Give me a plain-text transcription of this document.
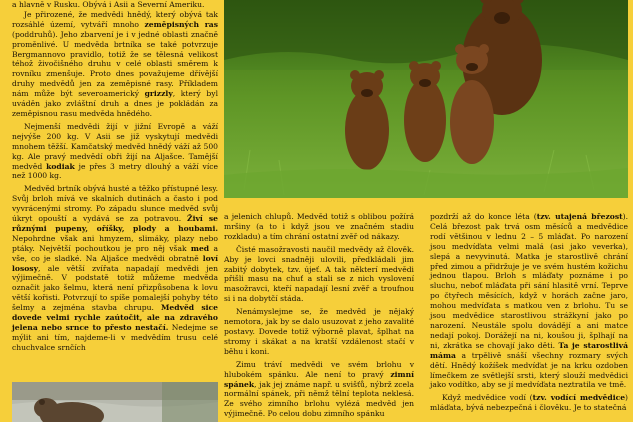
a hlavně v Rusku. Obývá i Asii a Severní Ameriku.

Je přirozené, že medvědi hnědý, který obývá tak rozsáhlé území, vytváří mnoho zeměpisných ras (poddruhů). Jeho zbarvení je i v jedné oblasti značně proměnlivé. U medvěda brtníka se také potvrzuje Bergmannovo pravidlo, totiž že se tělesná velikost téhož živočišného druhu v celé oblasti směrem k rovníku zmenšuje. Proto dnes považujeme dřívější druhy medvědů jen za zeměpisné rasy. Příkladem nám může být severoamerický grizzly, který byl uváděn jako zvláštní druh a dnes je pokládán za zeměpisnou rasu medvěda hnědého.

Nejmenší medvědi žijí v jižní Evropě a váží nejvýše 200 kg. V Asii se již vyskytují medvědi mnohem těžší. Kamčatský medvěd hnědý váží až 500 kg. Ale pravý medvědí obři žijí na Aljašce. Tamější medvěd kodiak je přes 3 metry dlouhý a váží více než 1000 kg.

Medvěd brtník obývá husté a těžko přístupné lesy. Svůj brloh mívá ve skalních dutinách a často i pod vyvrácenými stromy. Po západu slunce medvěd svůj úkryt opouští a vydává se za potravou. Živí se různými pupeny, oříšky, plody a houbami. Nepohrdne však ani hmyzem, slimáky, plazy nebo ptáky. Největší pochoutkou je pro něj však med a vše, co je sladké. Na Aljašce medvědi obratně loví lososy, ale větší zvířata napadají medvědi jen výjimečně. V podstatě totiž můžeme medvěda označit jako šelmu, která není přizpůsobena k lovu větší kořisti. Potvrzují to spíše pomalejší pohyby této šelmy a zejména stavba chrupu. Medvěd sice dovede velmi rychle zaútočit, ale na zdravého jelena nebo srnce to přesto nestačí. Nedejme se mýlit ani tím, najdeme-li v medvědím trusu celé chuchvalce srnčích

a jelenich chlupů. Medvěd totiž s oblibou požírá mršiny (a to i když jsou ve značném stadiu rozkladu) a tím chrání ostatní zvěř od nákazy.

Čisté masožravosti naučil medvědy až člověk. Aby je lovci snadněji ulovili, předkládali jim zabitý dobytek, tzv. újeť. A tak některí medvědi přišli masu na chuť a stali se z nich vyslovení masožravci, kteří napadají lesní zvěř a troufnou si i na dobytčí stáda.

Nenámyslejme se, že medvěd je nějaký nemotora, jak by se dalo usuzovat z jeho zavalité postavy. Dovede totiž výborně plavat, šplhat na stromy i skákat a na kratší vzdálenost stačí v běhu i koni.

Zimu tráví medvědi ve svém brlohu v hlubokém spánku. Ale není to pravý zimní spánek, jak jej známe např. u svišťů, nýbrž zcela normální spánek, při němž tělní teplota neklesá. Ze svého zimního brlohu vylézá medvěd jen výjimečně. Po celou dobu zimního spánku

pozdrží až do konce léta (tzv. utajená březost). Celá březost pak trvá osm měsíců a medvědice rodí většinou v lednu 2 – 5 mláďat. Po narození jsou medvíďata velmi malá (asi jako veverka), slepá a nevyvinutá. Matka je starostlivě chrání před zimou a přidržuje je ve svém hustém kožichu jednou tlapou. Brloh s mláďaty poznáme i po sluchu, neboť mláďata při sání hlasitě vrní. Teprve po čtyřech měsících, když v horách začne jaro, mohou medvíďata s matkou ven z brlohu. Tu se jsou medvědice starostlivou strážkyní jako po narození. Neustále spolu dovádějí a ani matce nedají pokoj. Dorážejí na ni, koušou ji, šplhají na ni, zkrátka se chovají jako děti. Ta je starostlivá máma a trpělivě snáší všechny rozmary svých dětí. Hnědý kožíšek medvíďat je na krku ozdoben límečkem ze světlejší srsti, který slouží medvědici jako vodítko, aby se jí medvíďata neztratila ve tmě.

Když medvědice vodí (tzv. vodící medvědice) mláďata, bývá nebezpečná i člověku. Je to statečná
